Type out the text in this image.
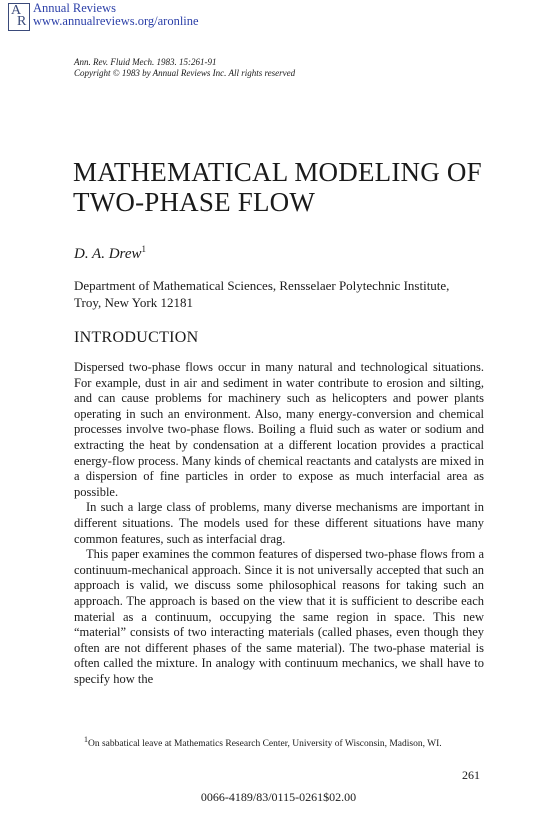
A
R
Annual Reviews
www.annualreviews.org/aronline
Ann. Rev. Fluid Mech. 1983. 15:261-91
Copyright © 1983 by Annual Reviews Inc. All rights reserved
MATHEMATICAL MODELING OF
TWO-PHASE FLOW
D. A. Drew$^1$
Department of Mathematical Sciences, Rensselaer Polytechnic Institute,
Troy, New York 12181
INTRODUCTION

Dispersed two-phase flows occur in many natural and technological situations. For example, dust in air and sediment in water contribute to erosion and silting, and can cause problems for machinery such as helicopters and power plants operating in such an environment. Also, many energy-conversion and chemical processes involve two-phase flows. Boiling a fluid such as water or sodium and extracting the heat by condensation at a different location provides a practical energy-flow process. Many kinds of chemical reactants and catalysts are mixed in a dispersion of fine particles in order to expose as much interfacial area as possible.

In such a large class of problems, many diverse mechanisms are important in different situations. The models used for these different situations have many common features, such as interfacial drag.

This paper examines the common features of dispersed two-phase flows from a continuum-mechanical approach. Since it is not universally accepted that such an approach is valid, we discuss some philosophical reasons for taking such an approach. The approach is based on the view that it is sufficient to describe each material as a continuum, occupying the same region in space. This new “material” consists of two interacting materials (called phases, even though they often are not different phases of the same material). The two-phase material is often called the mixture. In analogy with continuum mechanics, we shall have to specify how the

$^1$On sabbatical leave at Mathematics Research Center, University of Wisconsin, Madison, WI.

261
0066-4189/83/0115-0261$02.00
